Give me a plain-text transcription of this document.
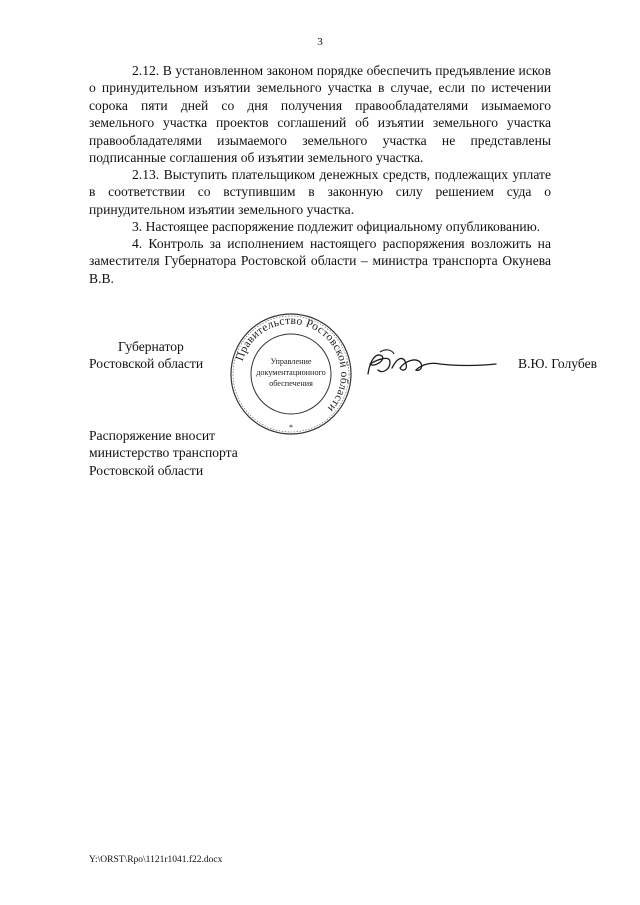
3

2.12. В установленном законом порядке обеспечить предъявление исков о принудительном изъятии земельного участка в случае, если по истечении сорока пяти дней со дня получения правообладателями изымаемого земельного участка проектов соглашений об изъятии земельного участка правообладателями изымаемого земельного участка не представлены подписанные соглашения об изъятии земельного участка.

2.13. Выступить плательщиком денежных средств, подлежащих уплате в соответствии со вступившим в законную силу решением суда о принудительном изъятии земельного участка.

3. Настоящее распоряжение подлежит официальному опубликованию.

4. Контроль за исполнением настоящего распоряжения возложить на заместителя Губернатора Ростовской области – министра транспорта Окунева В.В.

Губернатор
Ростовской области	Правительство Ростовской области
Управление
документационного
обеспечения
*
В.Ю. Голубев
Распоряжение вносит
министерство транспорта
Ростовской области
Y:\ORST\Rpo\1121r1041.f22.docx
